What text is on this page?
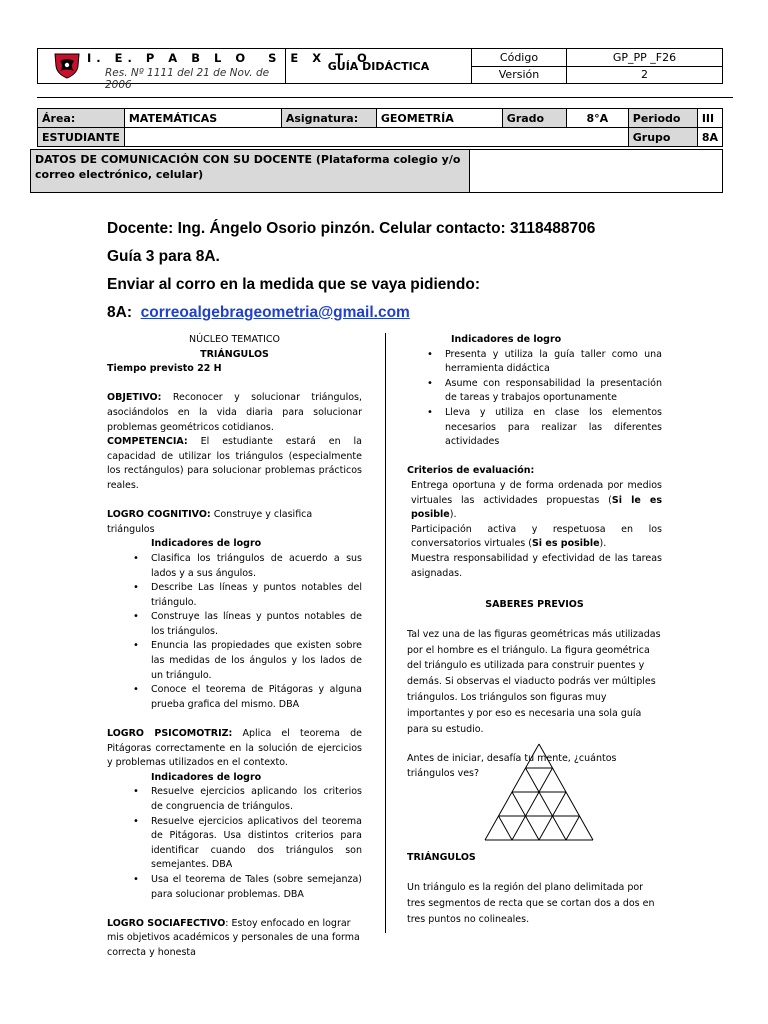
I. E. P A B L O  S E X T O
Res. Nº 1111 del 21 de Nov. de 2006	GUÍA DIDÁCTICA	Código	GP_PP _F26
		Versión	2
Área:	MATEMÁTICAS	Asignatura:	GEOMETRÍA	Grado	8°A	Periodo	III
ESTUDIANTE						Grupo	8A
DATOS DE COMUNICACIÓN CON SU DOCENTE (Plataforma colegio y/o correo electrónico, celular)	
Docente: Ing. Ángelo Osorio pinzón. Celular contacto: 3118488706
Guía 3 para 8A.
Enviar al corro en la medida que se vaya pidiendo:
8A: correoalgebrageometria@gmail.com

NÚCLEO TEMATICO

TRIÁNGULOS

Tiempo previsto 22 H

OBJETIVO: Reconocer y solucionar triángulos, asociándolos en la vida diaria para solucionar problemas geométricos cotidianos.

COMPETENCIA: El estudiante estará en la capacidad de utilizar los triángulos (especialmente los rectángulos) para solucionar problemas prácticos reales.

LOGRO COGNITIVO: Construye y clasifica triángulos

Indicadores de logro

• Clasifica los triángulos de acuerdo a sus lados y a sus ángulos.
• Describe Las líneas y puntos notables del triángulo.
• Construye las líneas y puntos notables de los triángulos.
• Enuncia las propiedades que existen sobre las medidas de los ángulos y los lados de un triángulo.
• Conoce el teorema de Pitágoras y alguna prueba grafica del mismo. DBA

LOGRO PSICOMOTRIZ: Aplica el teorema de Pitágoras correctamente en la solución de ejercicios y problemas utilizados en el contexto.

Indicadores de logro

• Resuelve ejercicios aplicando los criterios de congruencia de triángulos.
• Resuelve ejercicios aplicativos del teorema de Pitágoras. Usa distintos criterios para identificar cuando dos triángulos son semejantes. DBA
• Usa el teorema de Tales (sobre semejanza) para solucionar problemas. DBA

LOGRO SOCIAFECTIVO: Estoy enfocado en lograr mis objetivos académicos y personales de una forma correcta y honesta

Indicadores de logro

• Presenta y utiliza la guía taller como una herramienta didáctica
• Asume con responsabilidad la presentación de tareas y trabajos oportunamente
• Lleva y utiliza en clase los elementos necesarios para realizar las diferentes actividades

Criterios de evaluación:

Entrega oportuna y de forma ordenada por medios virtuales las actividades propuestas (Si le es posible).

Participación activa y respetuosa en los conversatorios virtuales (Si es posible).

Muestra responsabilidad y efectividad de las tareas asignadas.

SABERES PREVIOS

Tal vez una de las figuras geométricas más utilizadas por el hombre es el triángulo. La figura geométrica del triángulo es utilizada para construir puentes y demás. Si observas el viaducto podrás ver múltiples triángulos. Los triángulos son figuras muy importantes y por eso es necesaria una sola guía para su estudio.

Antes de iniciar, desafía tu mente, ¿cuántos triángulos ves?

TRIÁNGULOS

Un triángulo es la región del plano delimitada por tres segmentos de recta que se cortan dos a dos en tres puntos no colineales.
